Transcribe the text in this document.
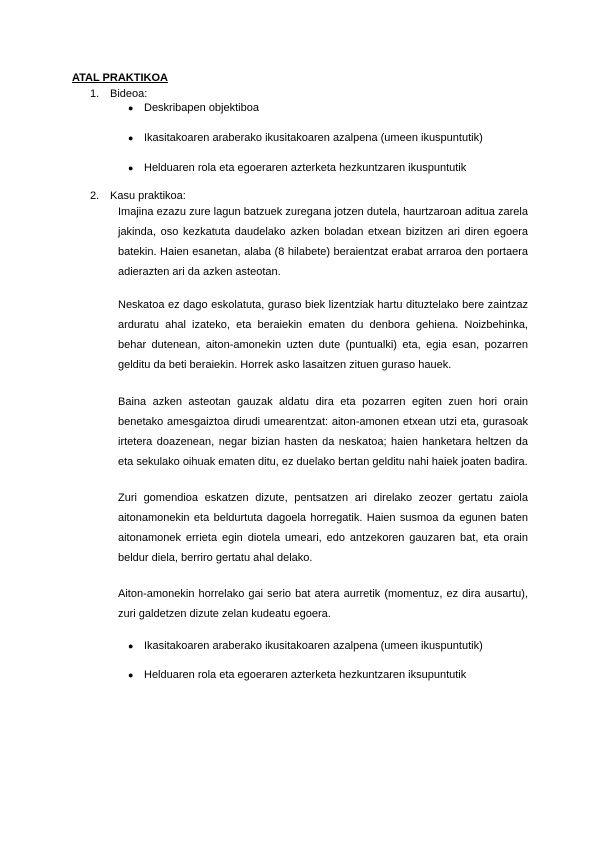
ATAL PRAKTIKOA

1. Bideoa:

● Deskribapen objektiboa

● Ikasitakoaren araberako ikusitakoaren azalpena (umeen ikuspuntutik)

● Helduaren rola eta egoeraren azterketa hezkuntzaren ikuspuntutik

2. Kasu praktikoa:

Imajina ezazu zure lagun batzuek zuregana jotzen dutela, haurtzaroan aditua zarela jakinda, oso kezkatuta daudelako azken boladan etxean bizitzen ari diren egoera batekin. Haien esanetan, alaba (8 hilabete) beraientzat erabat arraroa den portaera adierazten ari da azken asteotan.

Neskatoa ez dago eskolatuta, guraso biek lizentziak hartu dituztelako bere zaintzaz arduratu ahal izateko, eta beraiekin ematen du denbora gehiena. Noizbehinka, behar dutenean, aiton-amonekin uzten dute (puntualki) eta, egia esan, pozarren gelditu da beti beraiekin. Horrek asko lasaitzen zituen guraso hauek.

Baina azken asteotan gauzak aldatu dira eta pozarren egiten zuen hori orain benetako amesgaiztoa dirudi umearentzat: aiton-amonen etxean utzi eta, gurasoak irtetera doazenean, negar bizian hasten da neskatoa; haien hanketara heltzen da eta sekulako oihuak ematen ditu, ez duelako bertan gelditu nahi haiek joaten badira.

Zuri gomendioa eskatzen dizute, pentsatzen ari direlako zeozer gertatu zaiola aitonamonekin eta beldurtuta dagoela horregatik. Haien susmoa da egunen baten aitonamonek errieta egin diotela umeari, edo antzekoren gauzaren bat, eta orain beldur diela, berriro gertatu ahal delako.

Aiton-amonekin horrelako gai serio bat atera aurretik (momentuz, ez dira ausartu), zuri galdetzen dizute zelan kudeatu egoera.

● Ikasitakoaren araberako ikusitakoaren azalpena (umeen ikuspuntutik)

● Helduaren rola eta egoeraren azterketa hezkuntzaren iksupuntutik
